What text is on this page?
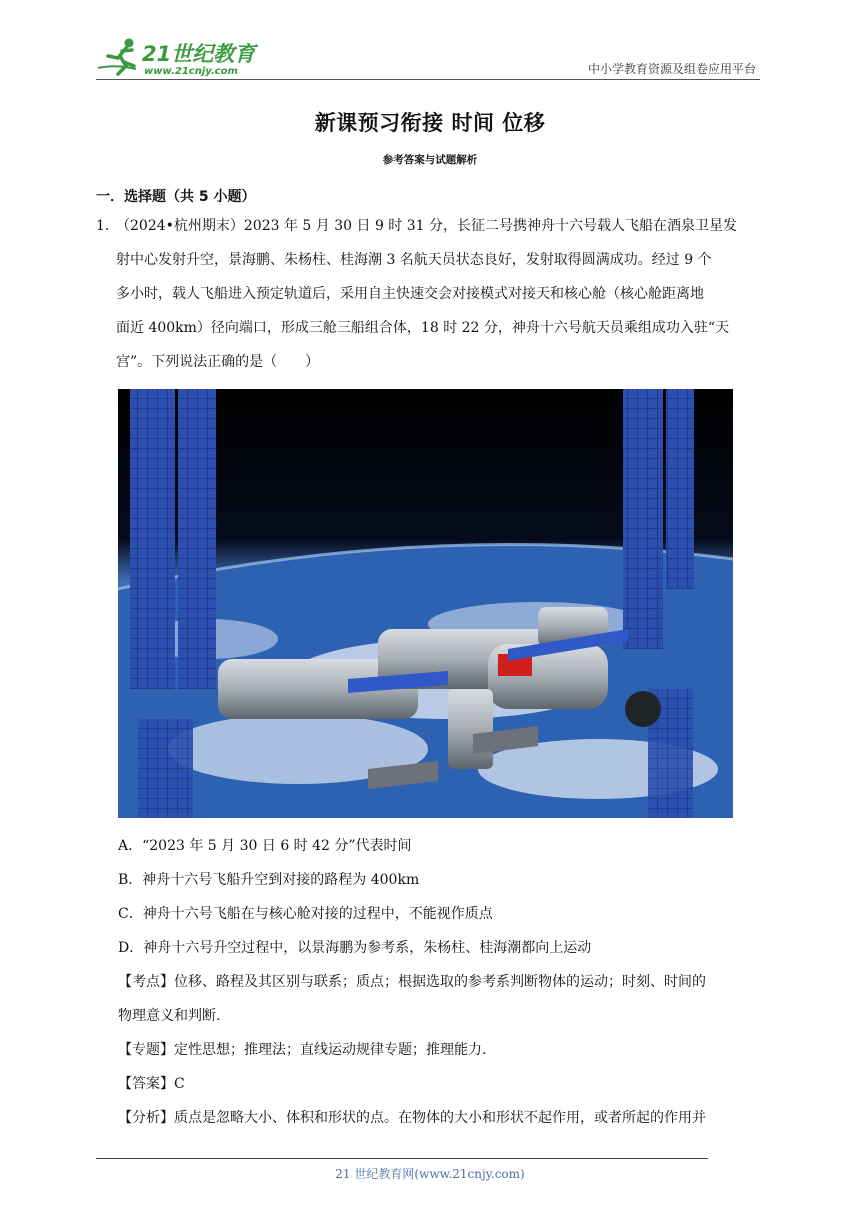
21世纪教育
www.21cnjy.com	中小学教育资源及组卷应用平台
新课预习衔接 时间 位移
参考答案与试题解析
一．选择题（共 5 小题）
1．
（2024•杭州期末）2023 年 5 月 30 日 9 时 31 分，长征二号携神舟十六号载人飞船在酒泉卫星发
射中心发射升空，景海鹏、朱杨柱、桂海潮 3 名航天员状态良好，发射取得圆满成功。经过 9 个
多小时，载人飞船进入预定轨道后，采用自主快速交会对接模式对接天和核心舱（核心舱距离地
面近 400km）径向端口，形成三舱三船组合体，18 时 22 分，神舟十六号航天员乘组成功入驻“天
宫”。下列说法正确的是（　　）
A．“2023 年 5 月 30 日 6 时 42 分”代表时间
B．神舟十六号飞船升空到对接的路程为 400km
C．神舟十六号飞船在与核心舱对接的过程中，不能视作质点
D．神舟十六号升空过程中，以景海鹏为参考系，朱杨柱、桂海潮都向上运动
【考点】位移、路程及其区别与联系；质点；根据选取的参考系判断物体的运动；时刻、时间的
物理意义和判断.
【专题】定性思想；推理法；直线运动规律专题；推理能力.
【答案】C
【分析】质点是忽略大小、体积和形状的点。在物体的大小和形状不起作用，或者所起的作用并
21 世纪教育网(www.21cnjy.com)
